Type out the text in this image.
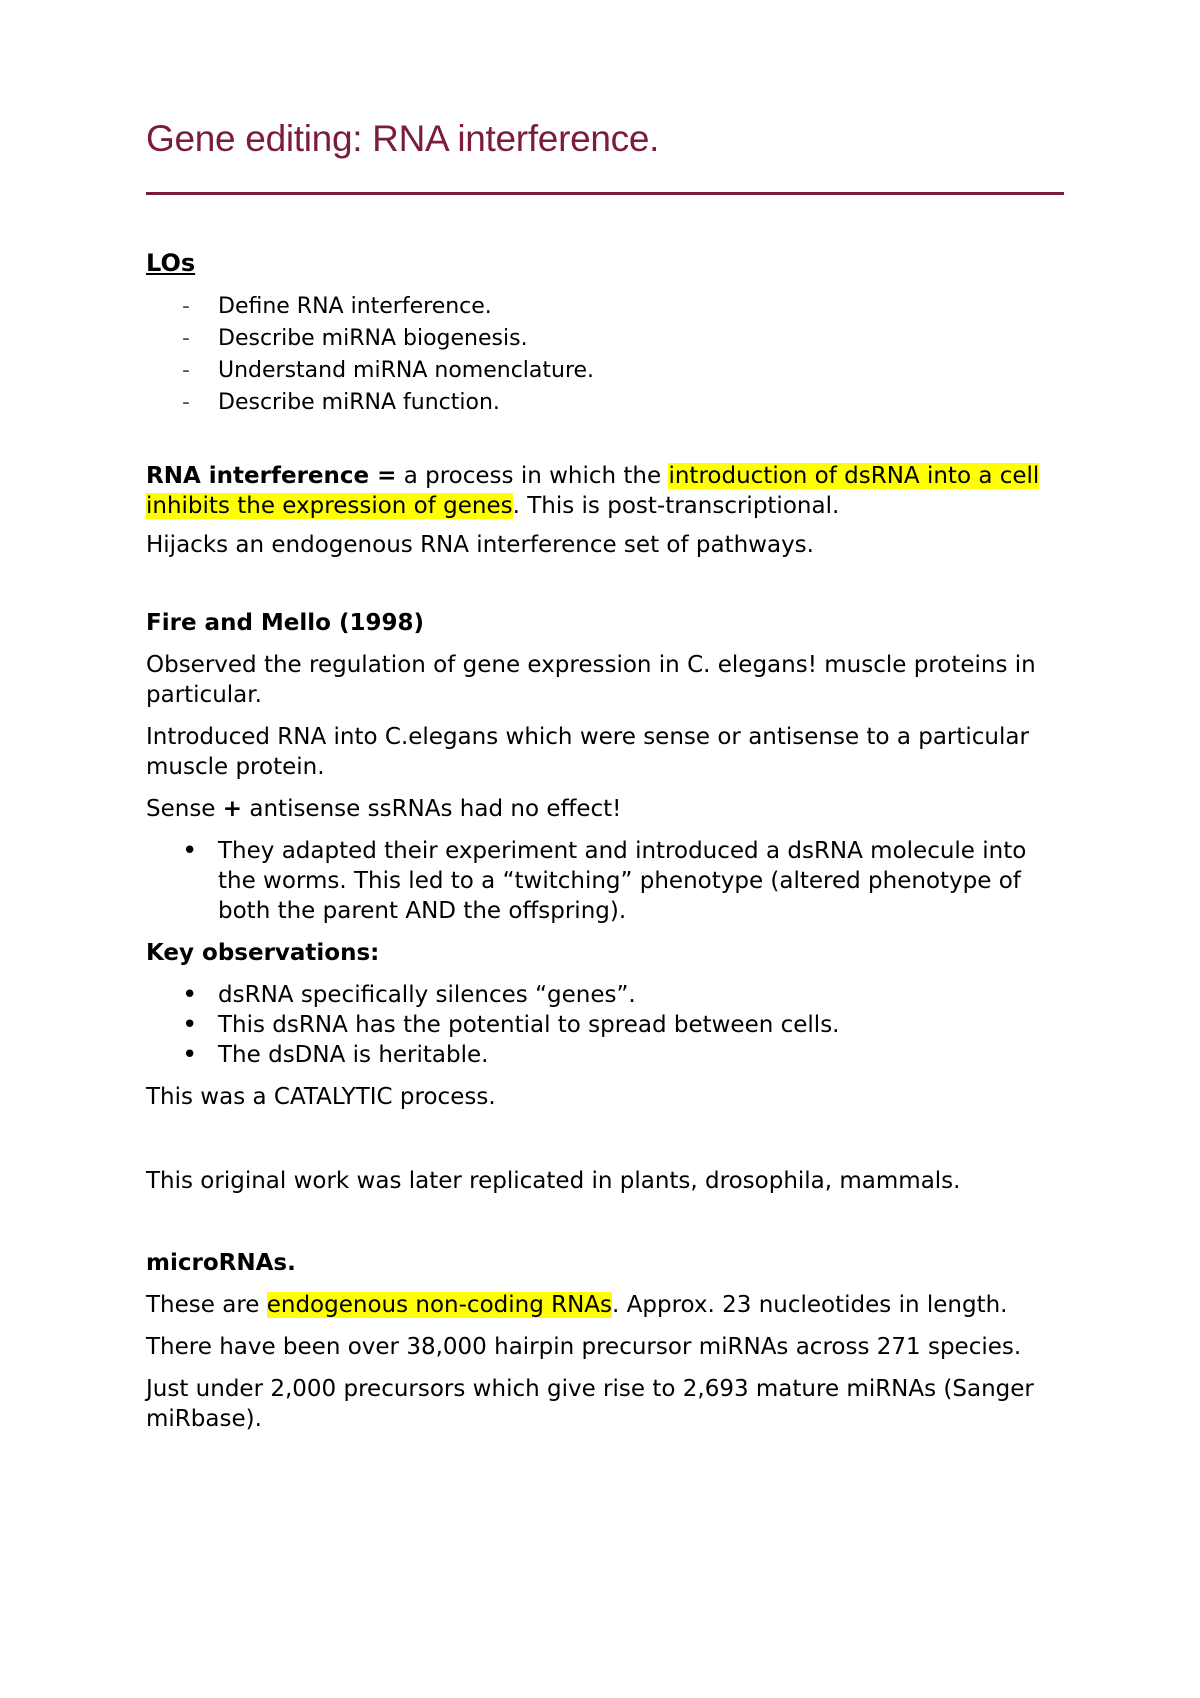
Gene editing: RNA interference.
LOs
- Define RNA interference.
- Describe miRNA biogenesis.
- Understand miRNA nomenclature.
- Describe miRNA function.

RNA interference = a process in which the introduction of dsRNA into a cell inhibits the expression of genes. This is post-transcriptional.

Hijacks an endogenous RNA interference set of pathways.

Fire and Mello (1998)

Observed the regulation of gene expression in C. elegans! muscle proteins in particular.

Introduced RNA into C.elegans which were sense or antisense to a particular muscle protein.

Sense + antisense ssRNAs had no effect!

• They adapted their experiment and introduced a dsRNA molecule into the worms. This led to a “twitching” phenotype (altered phenotype of both the parent AND the offspring).

Key observations:

• dsRNA specifically silences “genes”.
• This dsRNA has the potential to spread between cells.
• The dsDNA is heritable.

This was a CATALYTIC process.

This original work was later replicated in plants, drosophila, mammals.

microRNAs.

These are endogenous non-coding RNAs. Approx. 23 nucleotides in length.

There have been over 38,000 hairpin precursor miRNAs across 271 species.

Just under 2,000 precursors which give rise to 2,693 mature miRNAs (Sanger miRbase).
